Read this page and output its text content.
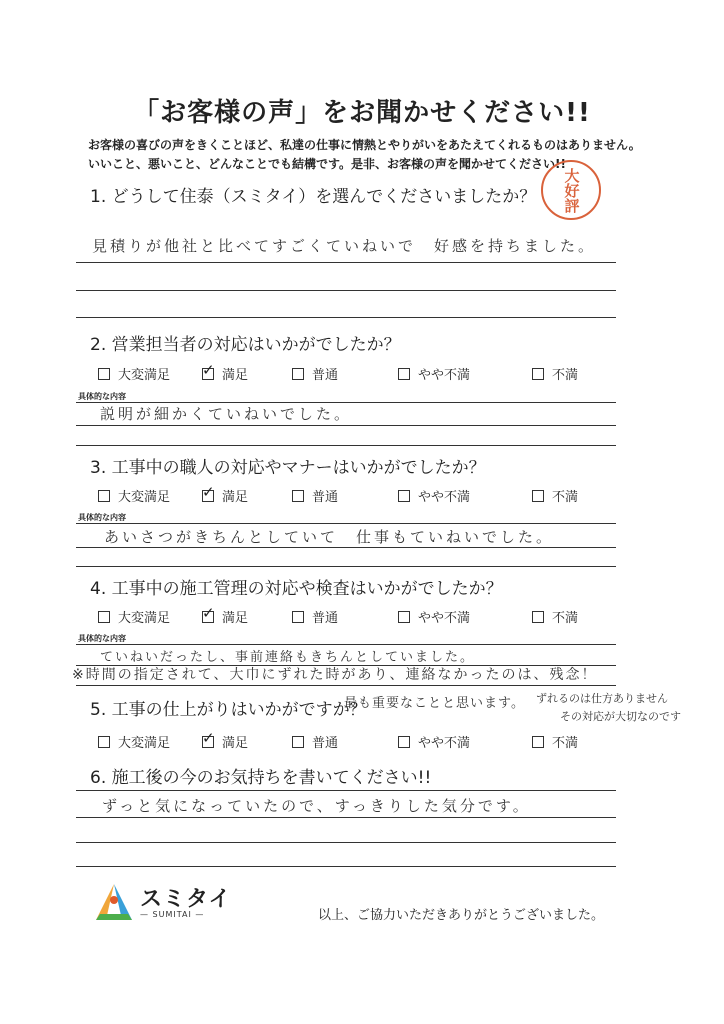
「お客様の声」をお聞かせください!!
お客様の喜びの声をきくことほど、私達の仕事に情熱とやりがいをあたえてくれるものはありません。
いいこと、悪いこと、どんなことでも結構です。是非、お客様の声を聞かせてください!!
大好評
1. どうして住泰（スミタイ）を選んでくださいましたか？
見積りが他社と比べてすごくていねいで　好感を持ちました。
2. 営業担当者の対応はいかがでしたか？
大変満足 ✓	満足	普通	やや不満	不満
具体的な内容
説明が細かくていねいでした。
3. 工事中の職人の対応やマナーはいかがでしたか？
大変満足 ✓	満足	普通	やや不満	不満
具体的な内容
あいさつがきちんとしていて　仕事もていねいでした。
4. 工事中の施工管理の対応や検査はいかがでしたか？
大変満足 ✓	満足	普通	やや不満	不満
具体的な内容
ていねいだったし、事前連絡もきちんとしていました。
※時間の指定されて、大巾にずれた時があり、連絡なかったのは、残念！
5. 工事の仕上がりはいかがですか？
最も重要なことと思います。 ずれるのは仕方ありません
その対応が大切なのです
大変満足 ✓	満足	普通	やや不満	不満
6. 施工後の今のお気持ちを書いてください!!
ずっと気になっていたので、すっきりした気分です。
スミタイ
— SUMITAI —	以上、ご協力いただきありがとうございました。
